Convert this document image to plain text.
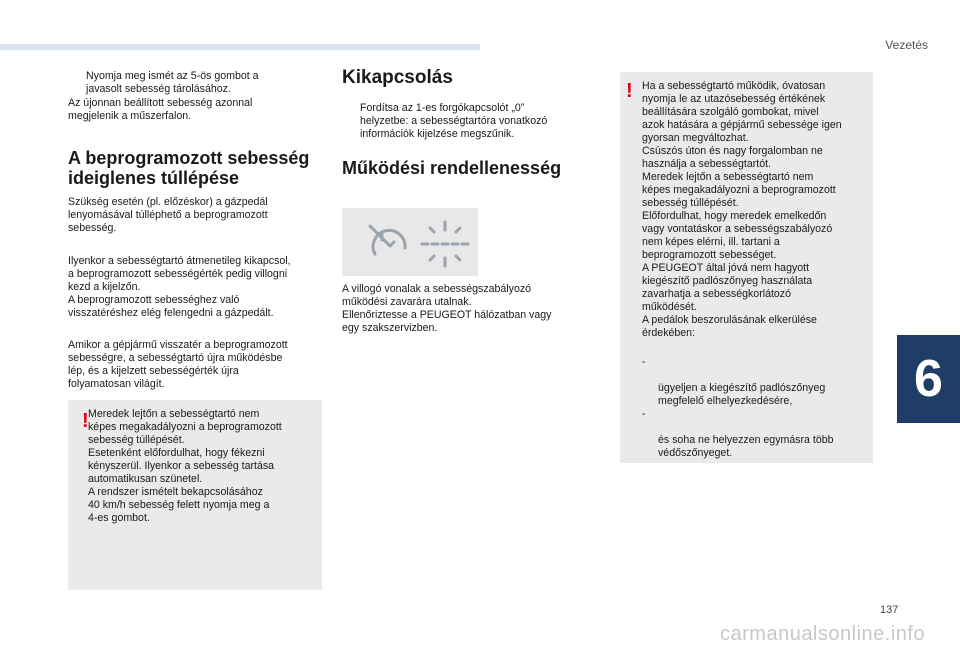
Vezetés
6
Nyomja meg ismét az 5-ös gombot a
javasolt sebesség tárolásához.
Az újonnan beállított sebesség azonnal
megjelenik a műszerfalon.
A beprogramozott sebesség
ideiglenes túllépése
Szükség esetén (pl. előzéskor) a gázpedál
lenyomásával túlléphető a beprogramozott
sebesség.
Ilyenkor a sebességtartó átmenetileg kikapcsol,
a beprogramozott sebességérték pedig villogni
kezd a kijelzőn.
A beprogramozott sebességhez való
visszatéréshez elég felengedni a gázpedált.
Amikor a gépjármű visszatér a beprogramozott
sebességre, a sebességtartó újra működésbe
lép, és a kijelzett sebességérték újra
folyamatosan világít.
! Meredek lejtőn a sebességtartó nem
képes megakadályozni a beprogramozott
sebesség túllépését.
Esetenként előfordulhat, hogy fékezni
kényszerül. Ilyenkor a sebesség tartása
automatikusan szünetel.
A rendszer ismételt bekapcsolásához
40 km/h sebesség felett nyomja meg a
4-es gombot.
Kikapcsolás
Fordítsa az 1-es forgókapcsolót „0”
helyzetbe: a sebességtartóra vonatkozó
információk kijelzése megszűnik.
Működési rendellenesség
A villogó vonalak a sebességszabályozó
működési zavarára utalnak.
Ellenőriztesse a PEUGEOT hálózatban vagy
egy szakszervizben.
! Ha a sebességtartó működik, óvatosan
nyomja le az utazósebesség értékének
beállítására szolgáló gombokat, mivel
azok hatására a gépjármű sebessége igen
gyorsan megváltozhat.
Csúszós úton és nagy forgalomban ne
használja a sebességtartót.
Meredek lejtőn a sebességtartó nem
képes megakadályozni a beprogramozott
sebesség túllépését.
Előfordulhat, hogy meredek emelkedőn
vagy vontatáskor a sebességszabályozó
nem képes elérni, ill. tartani a
beprogramozott sebességet.
A PEUGEOT által jóvá nem hagyott
kiegészítő padlószőnyeg használata
zavarhatja a sebességkorlátozó
működését.
A pedálok beszorulásának elkerülése
érdekében:

-

ügyeljen a kiegészítő padlószőnyeg
megfelelő elhelyezkedésére,

-

és soha ne helyezzen egymásra több
védőszőnyeget.

137
carmanualsonline.info
